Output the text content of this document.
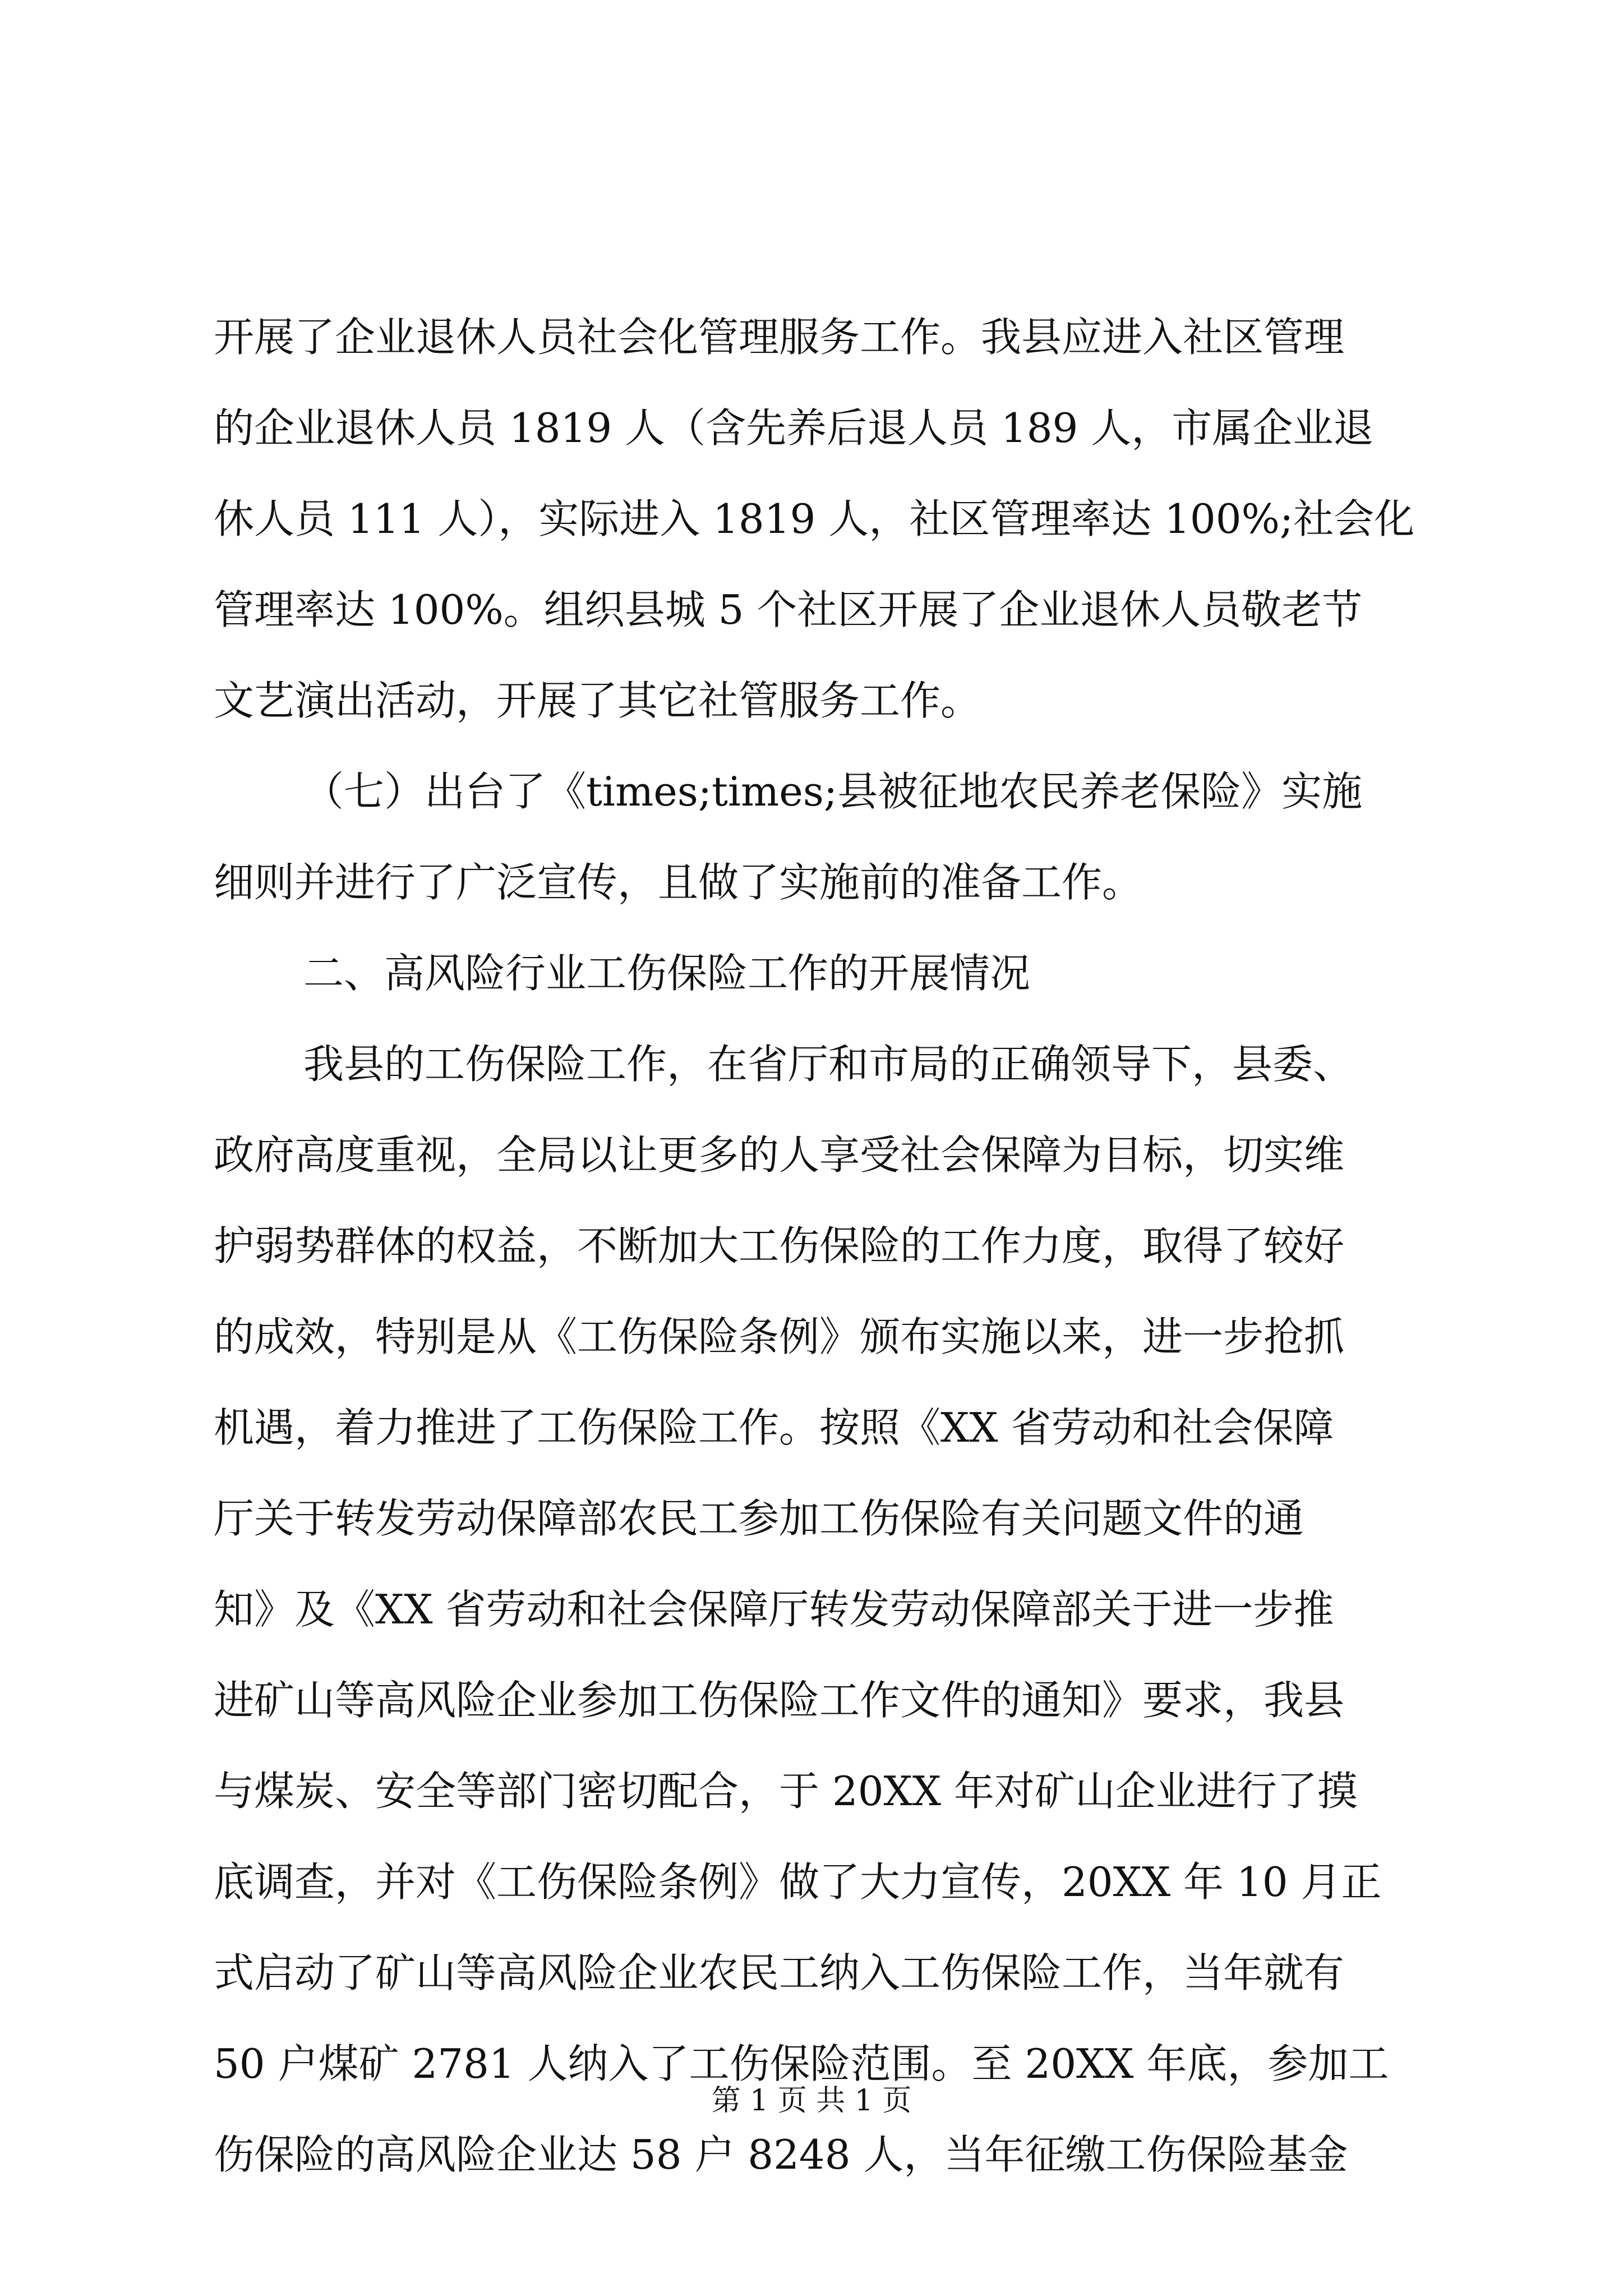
开展了企业退休人员社会化管理服务工作。我县应进入社区管理
的企业退休人员 1819 人（含先养后退人员 189 人，市属企业退
休人员 111 人），实际进入 1819 人，社区管理率达 100%;社会化
管理率达 100%。组织县城 5 个社区开展了企业退休人员敬老节
文艺演出活动，开展了其它社管服务工作。
（七）出台了《times;times;县被征地农民养老保险》实施
细则并进行了广泛宣传，且做了实施前的准备工作。
二、高风险行业工伤保险工作的开展情况
我县的工伤保险工作，在省厅和市局的正确领导下，县委、
政府高度重视，全局以让更多的人享受社会保障为目标，切实维
护弱势群体的权益，不断加大工伤保险的工作力度，取得了较好
的成效，特别是从《工伤保险条例》颁布实施以来，进一步抢抓
机遇，着力推进了工伤保险工作。按照《XX 省劳动和社会保障
厅关于转发劳动保障部农民工参加工伤保险有关问题文件的通
知》及《XX 省劳动和社会保障厅转发劳动保障部关于进一步推
进矿山等高风险企业参加工伤保险工作文件的通知》要求，我县
与煤炭、安全等部门密切配合，于 20XX 年对矿山企业进行了摸
底调查，并对《工伤保险条例》做了大力宣传，20XX 年 10 月正
式启动了矿山等高风险企业农民工纳入工伤保险工作，当年就有
50 户煤矿 2781 人纳入了工伤保险范围。至 20XX 年底，参加工
伤保险的高风险企业达 58 户 8248 人，当年征缴工伤保险基金
第 1 页 共 1 页
